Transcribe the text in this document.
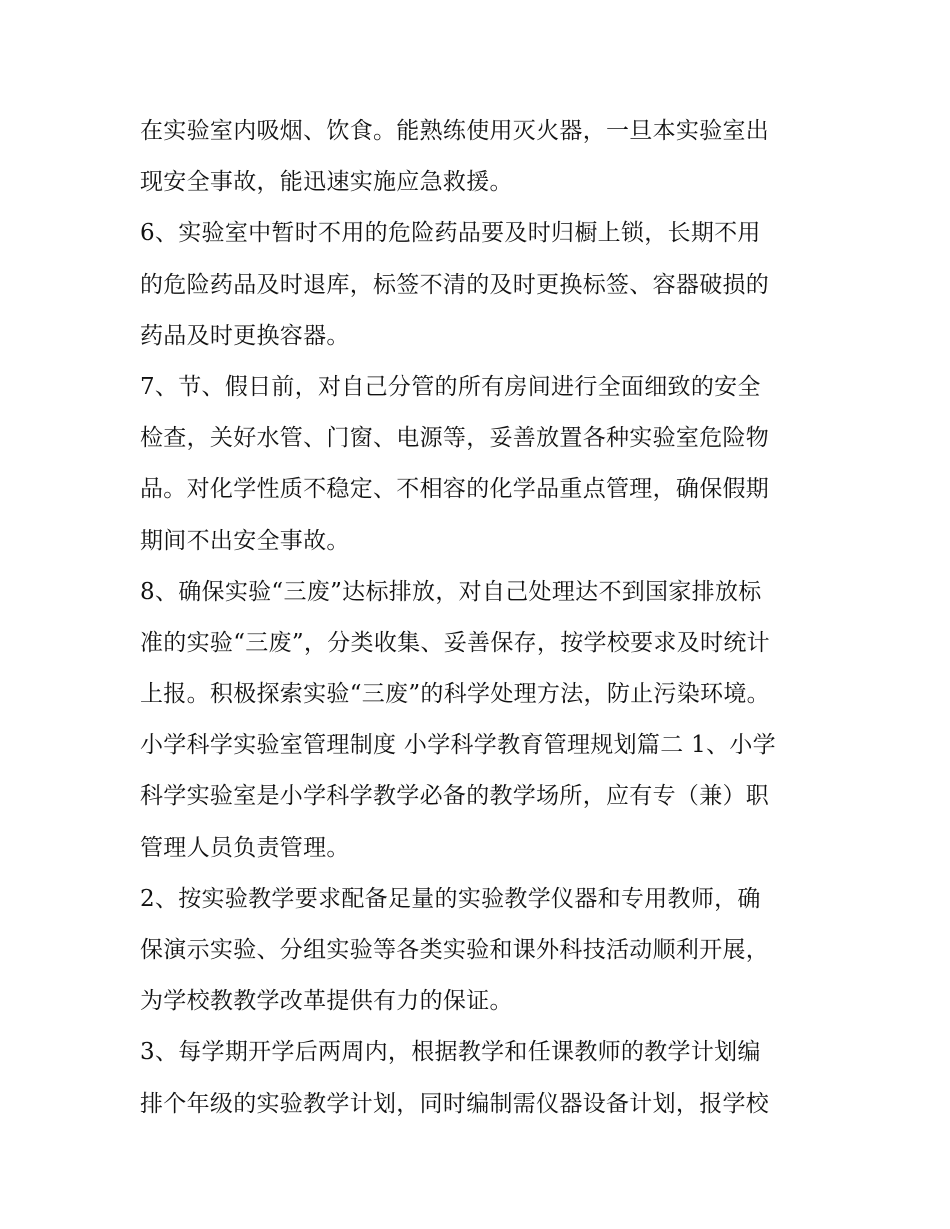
在实验室内吸烟、饮食。能熟练使用灭火器，一旦本实验室出
现安全事故，能迅速实施应急救援。
6、实验室中暂时不用的危险药品要及时归橱上锁，长期不用
的危险药品及时退库，标签不清的及时更换标签、容器破损的
药品及时更换容器。
7、节、假日前，对自己分管的所有房间进行全面细致的安全
检查，关好水管、门窗、电源等，妥善放置各种实验室危险物
品。对化学性质不稳定、不相容的化学品重点管理，确保假期
期间不出安全事故。
8、确保实验“三废”达标排放，对自己处理达不到国家排放标
准的实验“三废”，分类收集、妥善保存，按学校要求及时统计
上报。积极探索实验“三废”的科学处理方法，防止污染环境。
小学科学实验室管理制度 小学科学教育管理规划篇二 1、小学
科学实验室是小学科学教学必备的教学场所，应有专（兼）职
管理人员负责管理。
2、按实验教学要求配备足量的实验教学仪器和专用教师，确
保演示实验、分组实验等各类实验和课外科技活动顺利开展，
为学校教教学改革提供有力的保证。
3、每学期开学后两周内，根据教学和任课教师的教学计划编
排个年级的实验教学计划，同时编制需仪器设备计划，报学校
